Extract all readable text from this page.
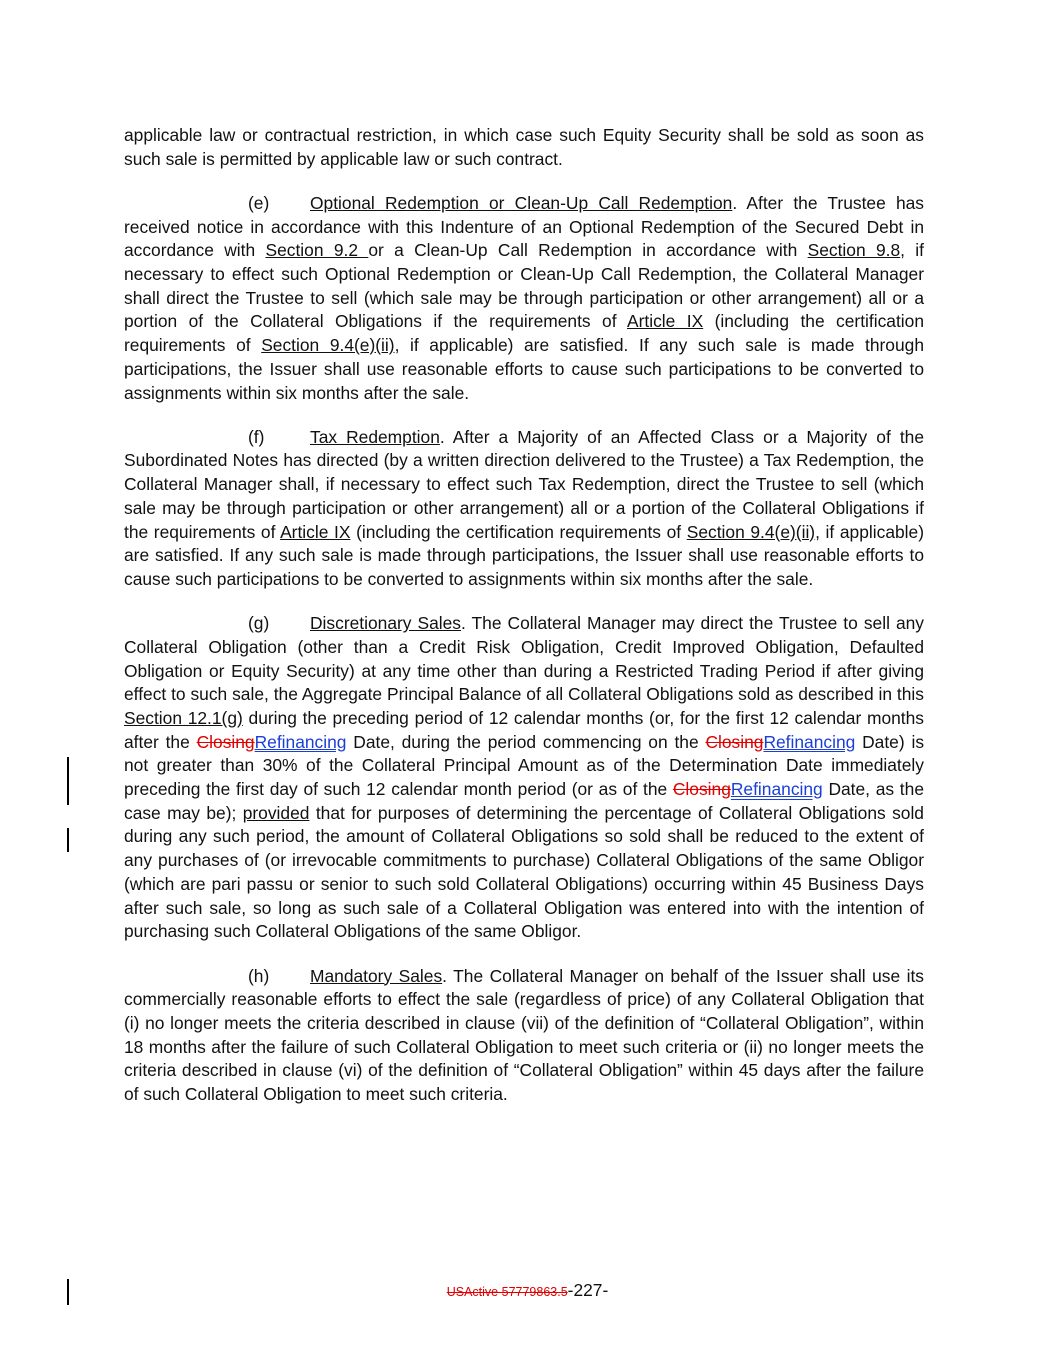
applicable law or contractual restriction, in which case such Equity Security shall be sold as soon as such sale is permitted by applicable law or such contract.

(e) Optional Redemption or Clean-Up Call Redemption. After the Trustee has received notice in accordance with this Indenture of an Optional Redemption of the Secured Debt in accordance with Section 9.2 or a Clean-Up Call Redemption in accordance with Section 9.8, if necessary to effect such Optional Redemption or Clean-Up Call Redemption, the Collateral Manager shall direct the Trustee to sell (which sale may be through participation or other arrangement) all or a portion of the Collateral Obligations if the requirements of Article IX (including the certification requirements of Section 9.4(e)(ii), if applicable) are satisfied. If any such sale is made through participations, the Issuer shall use reasonable efforts to cause such participations to be converted to assignments within six months after the sale.

(f)	Tax Redemption. After a Majority of an Affected Class or a Majority of the Subordinated Notes has directed (by a written direction delivered to the Trustee) a Tax Redemption, the Collateral Manager shall, if necessary to effect such Tax Redemption, direct the Trustee to sell (which sale may be through participation or other arrangement) all or a portion of the Collateral Obligations if the requirements of Article IX (including the certification requirements of Section 9.4(e)(ii), if applicable) are satisfied. If any such sale is made through participations, the Issuer shall use reasonable efforts to cause such participations to be converted to assignments within six months after the sale.

(g) Discretionary Sales. The Collateral Manager may direct the Trustee to sell any Collateral Obligation (other than a Credit Risk Obligation, Credit Improved Obligation, Defaulted Obligation or Equity Security) at any time other than during a Restricted Trading Period if after giving effect to such sale, the Aggregate Principal Balance of all Collateral Obligations sold as described in this Section 12.1(g) during the preceding period of 12 calendar months (or, for the first 12 calendar months after the ClosingRefinancing Date, during the period commencing on the ClosingRefinancing Date) is not greater than 30% of the Collateral Principal Amount as of the Determination Date immediately preceding the first day of such 12 calendar month period (or as of the ClosingRefinancing Date, as the case may be); provided that for purposes of determining the percentage of Collateral Obligations sold during any such period, the amount of Collateral Obligations so sold shall be reduced to the extent of any purchases of (or irrevocable commitments to purchase) Collateral Obligations of the same Obligor (which are pari passu or senior to such sold Collateral Obligations) occurring within 45 Business Days after such sale, so long as such sale of a Collateral Obligation was entered into with the intention of purchasing such Collateral Obligations of the same Obligor.

(h) Mandatory Sales. The Collateral Manager on behalf of the Issuer shall use its commercially reasonable efforts to effect the sale (regardless of price) of any Collateral Obligation that (i) no longer meets the criteria described in clause (vii) of the definition of “Collateral Obligation”, within 18 months after the failure of such Collateral Obligation to meet such criteria or (ii) no longer meets the criteria described in clause (vi) of the definition of “Collateral Obligation” within 45 days after the failure of such Collateral Obligation to meet such criteria.

USActive 57779863.5-227-
